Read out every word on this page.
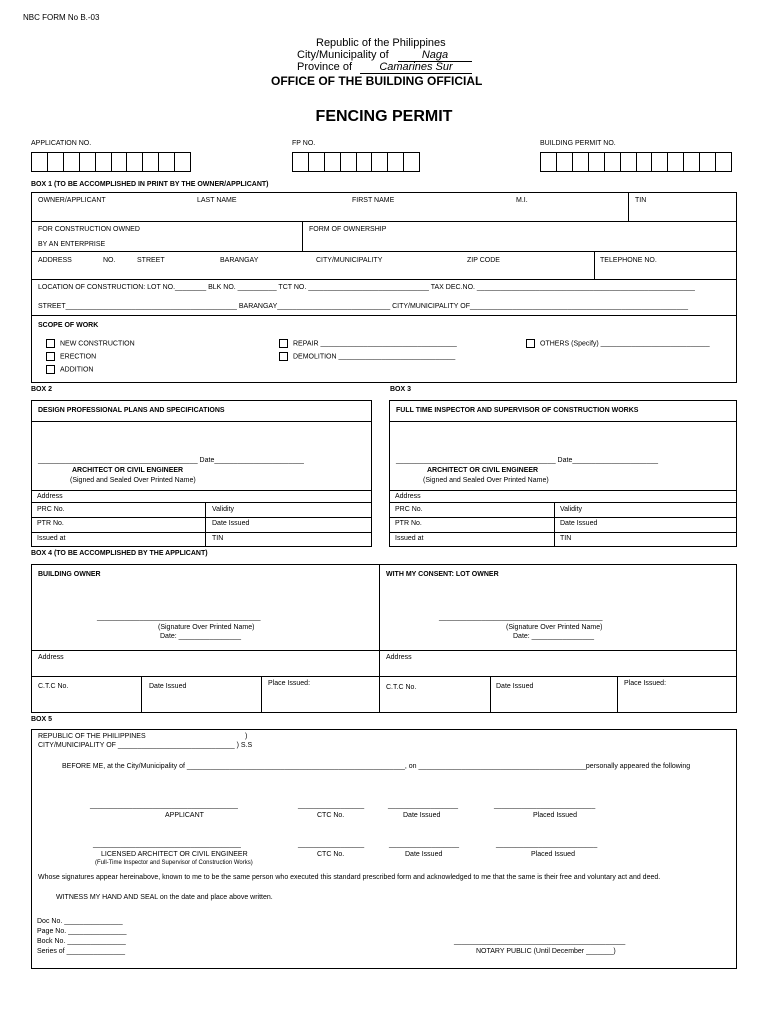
NBC FORM No B.-03
Republic of the Philippines
City/Municipality of	Naga
Province of	Camarines Sur
OFFICE OF THE BUILDING OFFICIAL
FENCING PERMIT
APPLICATION NO.	FP NO.	BUILDING PERMIT NO.
BOX 1 (TO BE ACCOMPLISHED IN PRINT BY THE OWNER/APPLICANT)
OWNER/APPLICANT	LAST NAME	FIRST NAME	M.I.	TIN
FOR CONSTRUCTION OWNED
BY AN ENTERPRISE
FORM OF OWNERSHIP
ADDRESS	NO.	STREET	BARANGAY	CITY/MUNICIPALITY	ZIP CODE	TELEPHONE NO.
LOCATION OF CONSTRUCTION: LOT NO.________ BLK NO. __________ TCT NO. _______________________________ TAX DEC.NO. ________________________________________________________
STREET____________________________________________ BARANGAY_____________________________ CITY/MUNICIPALITY OF________________________________________________________
SCOPE OF WORK
NEW CONSTRUCTION
ERECTION
ADDITION
REPAIR ___________________________________
DEMOLITION ______________________________
OTHERS (Specify) ____________________________
BOX 2
DESIGN PROFESSIONAL PLANS AND SPECIFICATIONS
_________________________________________ Date_______________________
ARCHITECT OR CIVIL ENGINEER
(Signed and Sealed Over Printed Name)
Address
PRC No.	Validity
PTR No.	Date Issued
Issued at	TIN
BOX 3
FULL TIME INSPECTOR AND SUPERVISOR OF CONSTRUCTION WORKS
_________________________________________ Date______________________
ARCHITECT OR CIVIL ENGINEER
(Signed and Sealed Over Printed Name)
Address
PRC No.	Validity
PTR No.	Date Issued
Issued at	TIN
BOX 4 (TO BE ACCOMPLISHED BY THE APPLICANT)
BUILDING OWNER
__________________________________________
(Signature Over Printed Name)
Date: ________________
Address
C.T.C No.	Date Issued	Place Issued:
WITH MY CONSENT: LOT OWNER
__________________________________________
(Signature Over Printed Name)
Date: ________________
Address
C.T.C No.	Date Issued	Place Issued:
BOX 5
REPUBLIC OF THE PHILIPPINES	)
CITY/MUNICIPALITY OF ______________________________ ) S.S
BEFORE ME, at the City/Municipality of ________________________________________________________, on ___________________________________________personally appeared the following
______________________________________	_________________	__________________	__________________________
APPLICANT	CTC No.	Date Issued	Placed Issued
______________________________________	_________________	__________________	__________________________
LICENSED ARCHITECT OR CIVIL ENGINEER
(Full-Time Inspector and Supervisor of Construction Works)
CTC No.	Date Issued	Placed Issued
Whose signatures appear hereinabove, known to me to be the same person who executed this standard prescribed form and acknowledged to me that the same is their free and voluntary act and deed.
WITNESS MY HAND AND SEAL on the date and place above written.
Doc No. _______________
Page No. _______________
Bock No. _______________
Series of _______________
____________________________________________
NOTARY PUBLIC (Until December _______)
